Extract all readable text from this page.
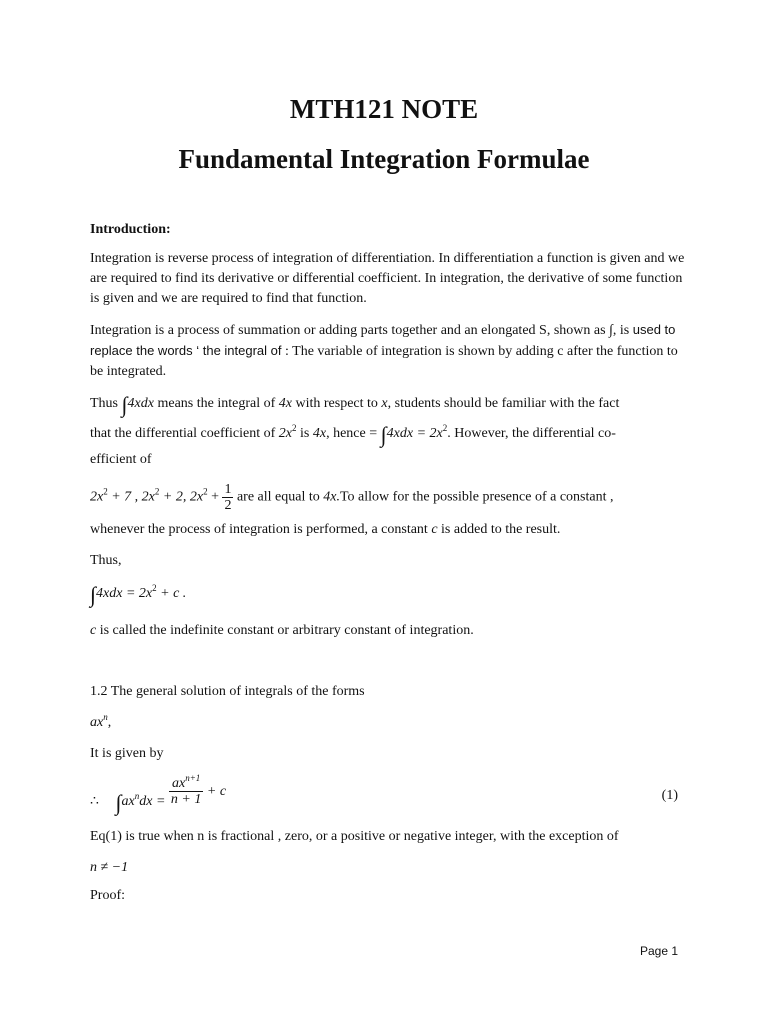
MTH121 NOTE
Fundamental Integration Formulae
Introduction:
Integration is reverse process of integration of differentiation. In differentiation a function is given and we are required to find its derivative or differential coefficient. In integration, the derivative of some function is given and we are required to find that function.
Integration is a process of summation or adding parts together and an elongated S, shown as ∫, is used to replace the words ‘ the integral of : The variable of integration is shown by adding c after the function to be integrated.
Thus ∫4xdx means the integral of 4x with respect to x, students should be familiar with the fact
that the differential coefficient of $2x^2$ is 4x, hence = $\int 4xdx = 2x^2$. However, the differential co-
efficient of
$2x^2 + 7$ , $2x^2 + 2$, $2x^2 + \frac{1}{2}$ are all equal to 4x.To allow for the possible presence of a constant ,
whenever the process of integration is performed, a constant c is added to the result.
Thus,
$\int 4xdx = 2x^2 + c$ .
c is called the indefinite constant or arbitrary constant of integration.
1.2 The general solution of integrals of the forms
$ax^n$,
It is given by
∴ $\int ax^ndx = \frac{ax^{n+1}}{n + 1} + c$	(1)
Eq(1) is true when n is fractional , zero, or a positive or negative integer, with the exception of
n ≠ −1
Proof:
Page 1
